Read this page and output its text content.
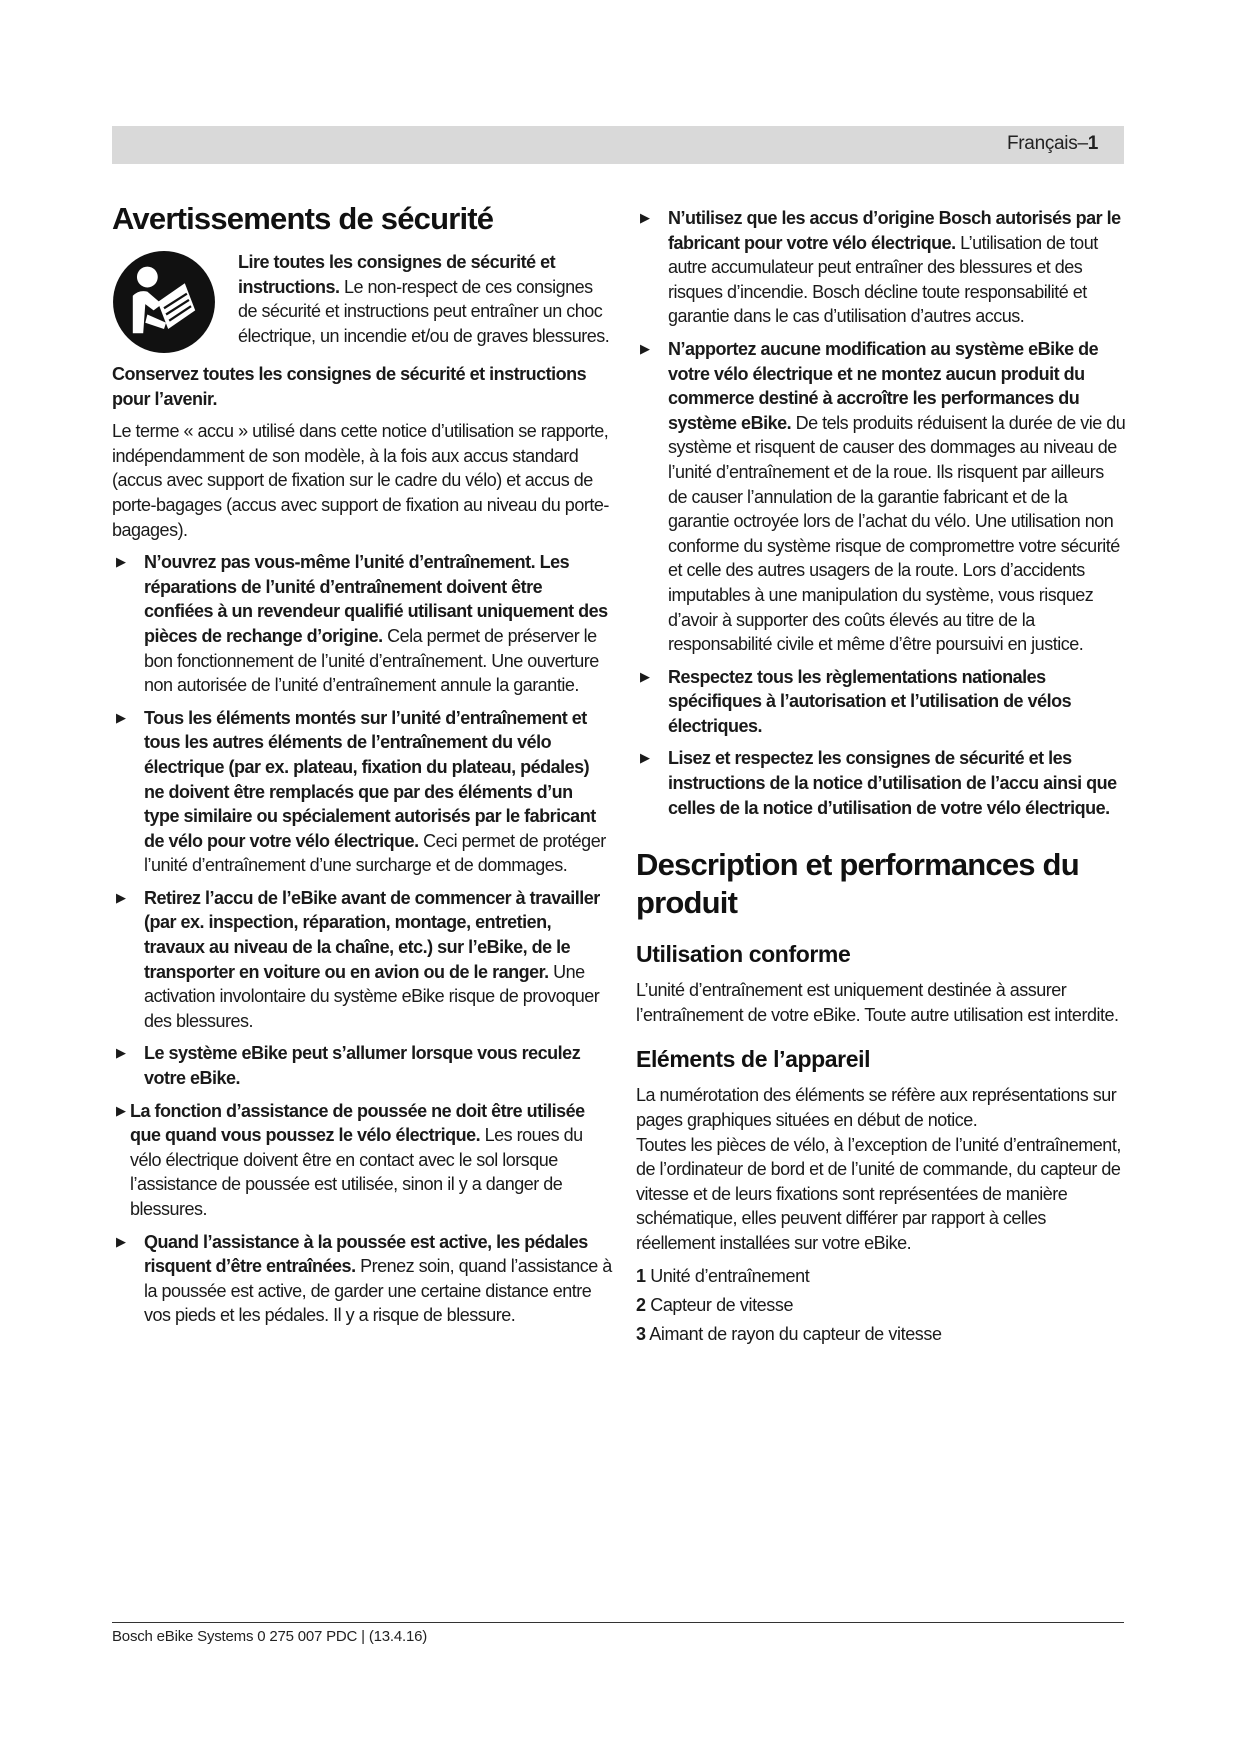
Français–1
Avertissements de sécurité

Lire toutes les consignes de sécurité et instructions. Le non-respect de ces consignes de sécurité et instructions peut entraîner un choc électrique, un incendie et/ou de graves blessures.

Conservez toutes les consignes de sécurité et instructions pour l’avenir.

Le terme « accu » utilisé dans cette notice d’utilisation se rapporte, indépendamment de son modèle, à la fois aux accus standard (accus avec support de fixation sur le cadre du vélo) et accus de porte-bagages (accus avec support de fixation au niveau du porte-bagages).

▶	N’ouvrez pas vous-même l’unité d’entraînement. Les réparations de l’unité d’entraînement doivent être confiées à un revendeur qualifié utilisant uniquement des pièces de rechange d’origine. Cela permet de préserver le bon fonctionnement de l’unité d’entraînement. Une ouverture non autorisée de l’unité d’entraînement annule la garantie.
▶	Tous les éléments montés sur l’unité d’entraînement et tous les autres éléments de l’entraînement du vélo électrique (par ex. plateau, fixation du plateau, pédales) ne doivent être remplacés que par des éléments d’un type similaire ou spécialement autorisés par le fabricant de vélo pour votre vélo électrique. Ceci permet de protéger l’unité d’entraînement d’une surcharge et de dommages.
▶	Retirez l’accu de l’eBike avant de commencer à travailler (par ex. inspection, réparation, montage, entretien, travaux au niveau de la chaîne, etc.) sur l’eBike, de le transporter en voiture ou en avion ou de le ranger. Une activation involontaire du système eBike risque de provoquer des blessures.
▶	Le système eBike peut s’allumer lorsque vous reculez votre eBike.
▶ La fonction d’assistance de poussée ne doit être utilisée que quand vous poussez le vélo électrique. Les roues du vélo électrique doivent être en contact avec le sol lorsque l’assistance de poussée est utilisée, sinon il y a danger de blessures.
▶	Quand l’assistance à la poussée est active, les pédales risquent d’être entraînées. Prenez soin, quand l’assistance à la poussée est active, de garder une certaine distance entre vos pieds et les pédales. Il y a risque de blessure.
▶	N’utilisez que les accus d’origine Bosch autorisés par le fabricant pour votre vélo électrique. L’utilisation de tout autre accumulateur peut entraîner des blessures et des risques d’incendie. Bosch décline toute responsabilité et garantie dans le cas d’utilisation d’autres accus.
▶	N’apportez aucune modification au système eBike de votre vélo électrique et ne montez aucun produit du commerce destiné à accroître les performances du système eBike. De tels produits réduisent la durée de vie du système et risquent de causer des dommages au niveau de l’unité d’entraînement et de la roue. Ils risquent par ailleurs de causer l’annulation de la garantie fabricant et de la garantie octroyée lors de l’achat du vélo. Une utilisation non conforme du système risque de compromettre votre sécurité et celle des autres usagers de la route. Lors d’accidents imputables à une manipulation du système, vous risquez d’avoir à supporter des coûts élevés au titre de la responsabilité civile et même d’être poursuivi en justice.
▶	Respectez tous les règlementations nationales spécifiques à l’autorisation et l’utilisation de vélos électriques.
▶	Lisez et respectez les consignes de sécurité et les instructions de la notice d’utilisation de l’accu ainsi que celles de la notice d’utilisation de votre vélo électrique.
Description et performances du produit
Utilisation conforme

L’unité d’entraînement est uniquement destinée à assurer l’entraînement de votre eBike. Toute autre utilisation est interdite.

Eléments de l’appareil

La numérotation des éléments se réfère aux représentations sur pages graphiques situées en début de notice.

Toutes les pièces de vélo, à l’exception de l’unité d’entraînement, de l’ordinateur de bord et de l’unité de commande, du capteur de vitesse et de leurs fixations sont représentées de manière schématique, elles peuvent différer par rapport à celles réellement installées sur votre eBike.

1 Unité d’entraînement
2 Capteur de vitesse
3 Aimant de rayon du capteur de vitesse
Bosch eBike Systems 0 275 007 PDC | (13.4.16)
